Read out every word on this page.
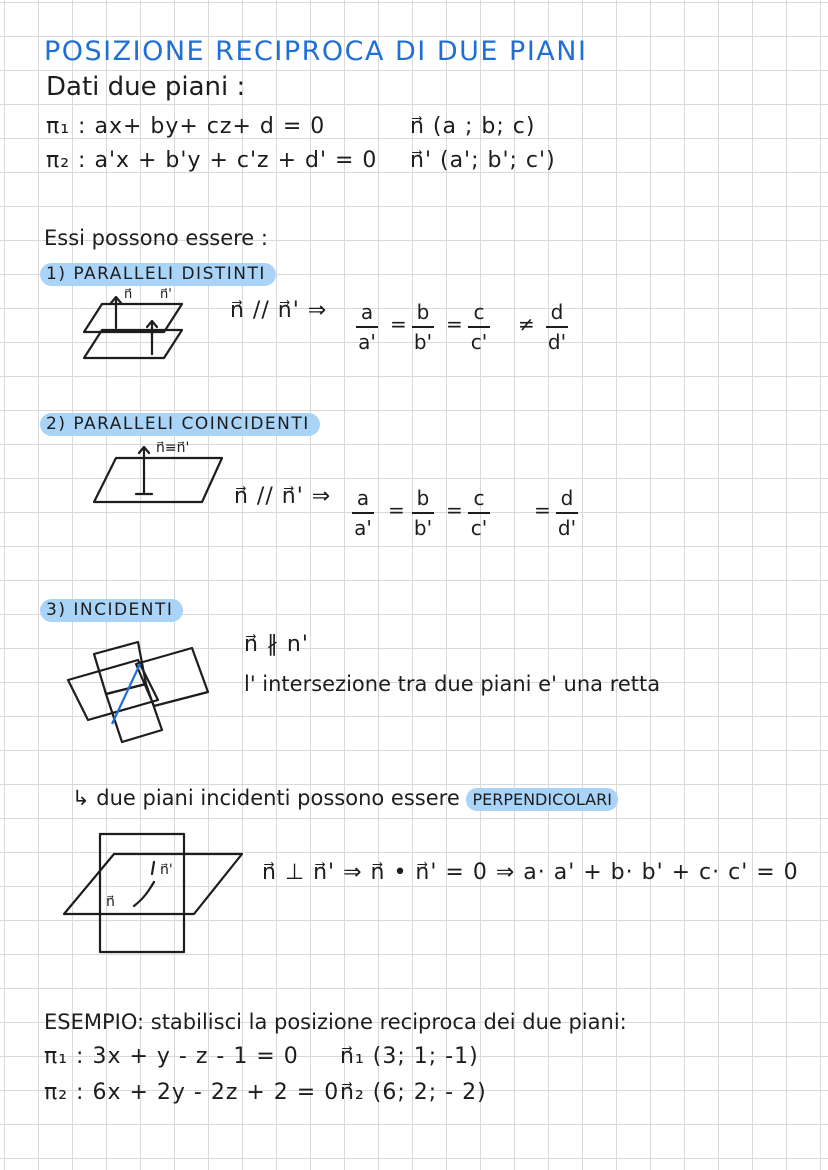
POSIZIONE RECIPROCA DI DUE PIANI
Dati due piani :
π₁ : ax+ by+ cz+ d = 0	n⃗ (a ; b; c)
π₂ : a'x + b'y + c'z + d' = 0 n⃗' (a'; b'; c')
Essi possono essere :
1) PARALLELI DISTINTI
n⃗ n⃗'
n⃗ // n⃗' ⇒ a
a'
= b
b'
= c
c'
≠ d
d'
2) PARALLELI COINCIDENTI
n⃗≡n⃗'
n⃗ // n⃗' ⇒ a
a'
= b
b'
= c
c'
= d
d'
3) INCIDENTI
n⃗ ∦ n'
l' intersezione tra due piani e' una retta
↳ due piani incidenti possono essere PERPENDICOLARI
n⃗
n⃗'	n⃗ ⊥ n⃗' ⇒ n⃗ • n⃗' = 0 ⇒ a· a' + b· b' + c· c' = 0
ESEMPIO: stabilisci la posizione reciproca dei due piani:
π₁ : 3x + y - z - 1 = 0 n⃗₁ (3; 1; -1)
π₂ : 6x + 2y - 2z + 2 = 0 n⃗₂ (6; 2; - 2)
